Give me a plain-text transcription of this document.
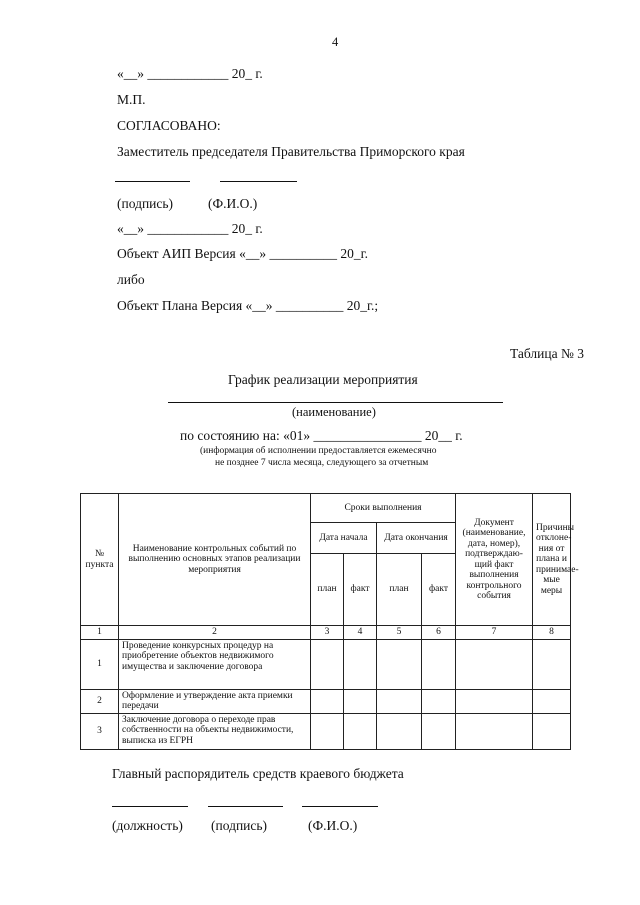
4
«__» ____________ 20_ г.
М.П.
СОГЛАСОВАНО:
Заместитель председателя Правительства Приморского края
(подпись)	(Ф.И.О.)
«__» ____________ 20_ г.
Объект АИП Версия «__» __________ 20_г.
либо
Объект Плана Версия «__» __________ 20_г.;
Таблица № 3
График реализации мероприятия
(наименование)
по состоянию на: «01» ________________ 20__ г.
(информация об исполнении предоставляется ежемесячно
не позднее 7 числа месяца, следующего за отчетным
№ пункта	Наименование контрольных событий по выполнению основных этапов реализации мероприятия	Сроки выполнения				Документ (наименование, дата, номер), подтверждаю-щий факт выполнения контрольного события	Причины отклоне-ния от плана и принимае-мые меры
		Дата начала		Дата окончания			
		план	факт	план	факт		
1	2	3	4	5	6	7	8
1	Проведение конкурсных процедур на приобретение объектов недвижимого имущества и заключение договора						
2	Оформление и утверждение акта приемки передачи						
3	Заключение договора о переходе прав собственности на объекты недвижимости, выписка из ЕГРН						
Главный распорядитель средств краевого бюджета
(должность) (подпись)	(Ф.И.О.)
